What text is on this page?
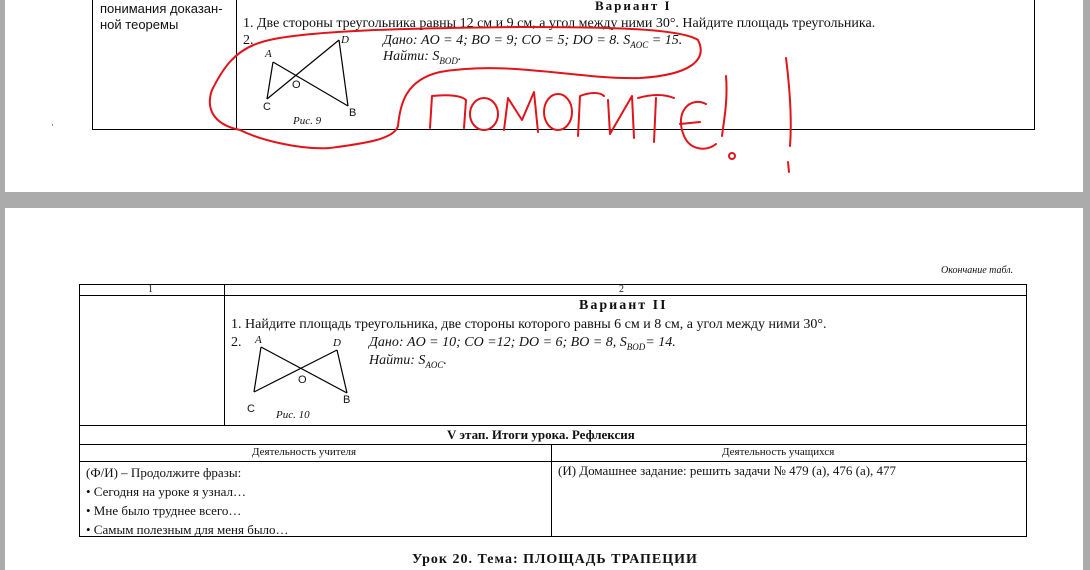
понимания доказан-
ной теоремы
Вариант I
1. Две стороны треугольника равны 12 см и 9 см, а угол между ними 30°. Найдите площадь треугольника.
2.	Дано: AO = 4; BO = 9; CO = 5; DO = 8. $S_{AOC} = 15$.
Найти: $S_{BOD}$.
A
D
O
C	B
Рис. 9
·
Окончание табл.
1	2
Вариант II
1. Найдите площадь треугольника, две стороны которого равны 6 см и 8 см, а угол между ними 30°.
2.	Дано: AO = 10; CO =12; DO = 6; BO = 8, $S_{BOD}= 14$.
Найти: $S_{AOC}$.
A	D
O
C
B
Рис. 10
V этап. Итоги урока. Рефлексия
Деятельность учителя	Деятельность учащихся
(Ф/И) – Продолжите фразы:
• Сегодня на уроке я узнал…
• Мне было труднее всего…
• Самым полезным для меня было…
(И) Домашнее задание: решить задачи № 479 (а), 476 (а), 477
Урок 20. Тема: ПЛОЩАДЬ ТРАПЕЦИИ
